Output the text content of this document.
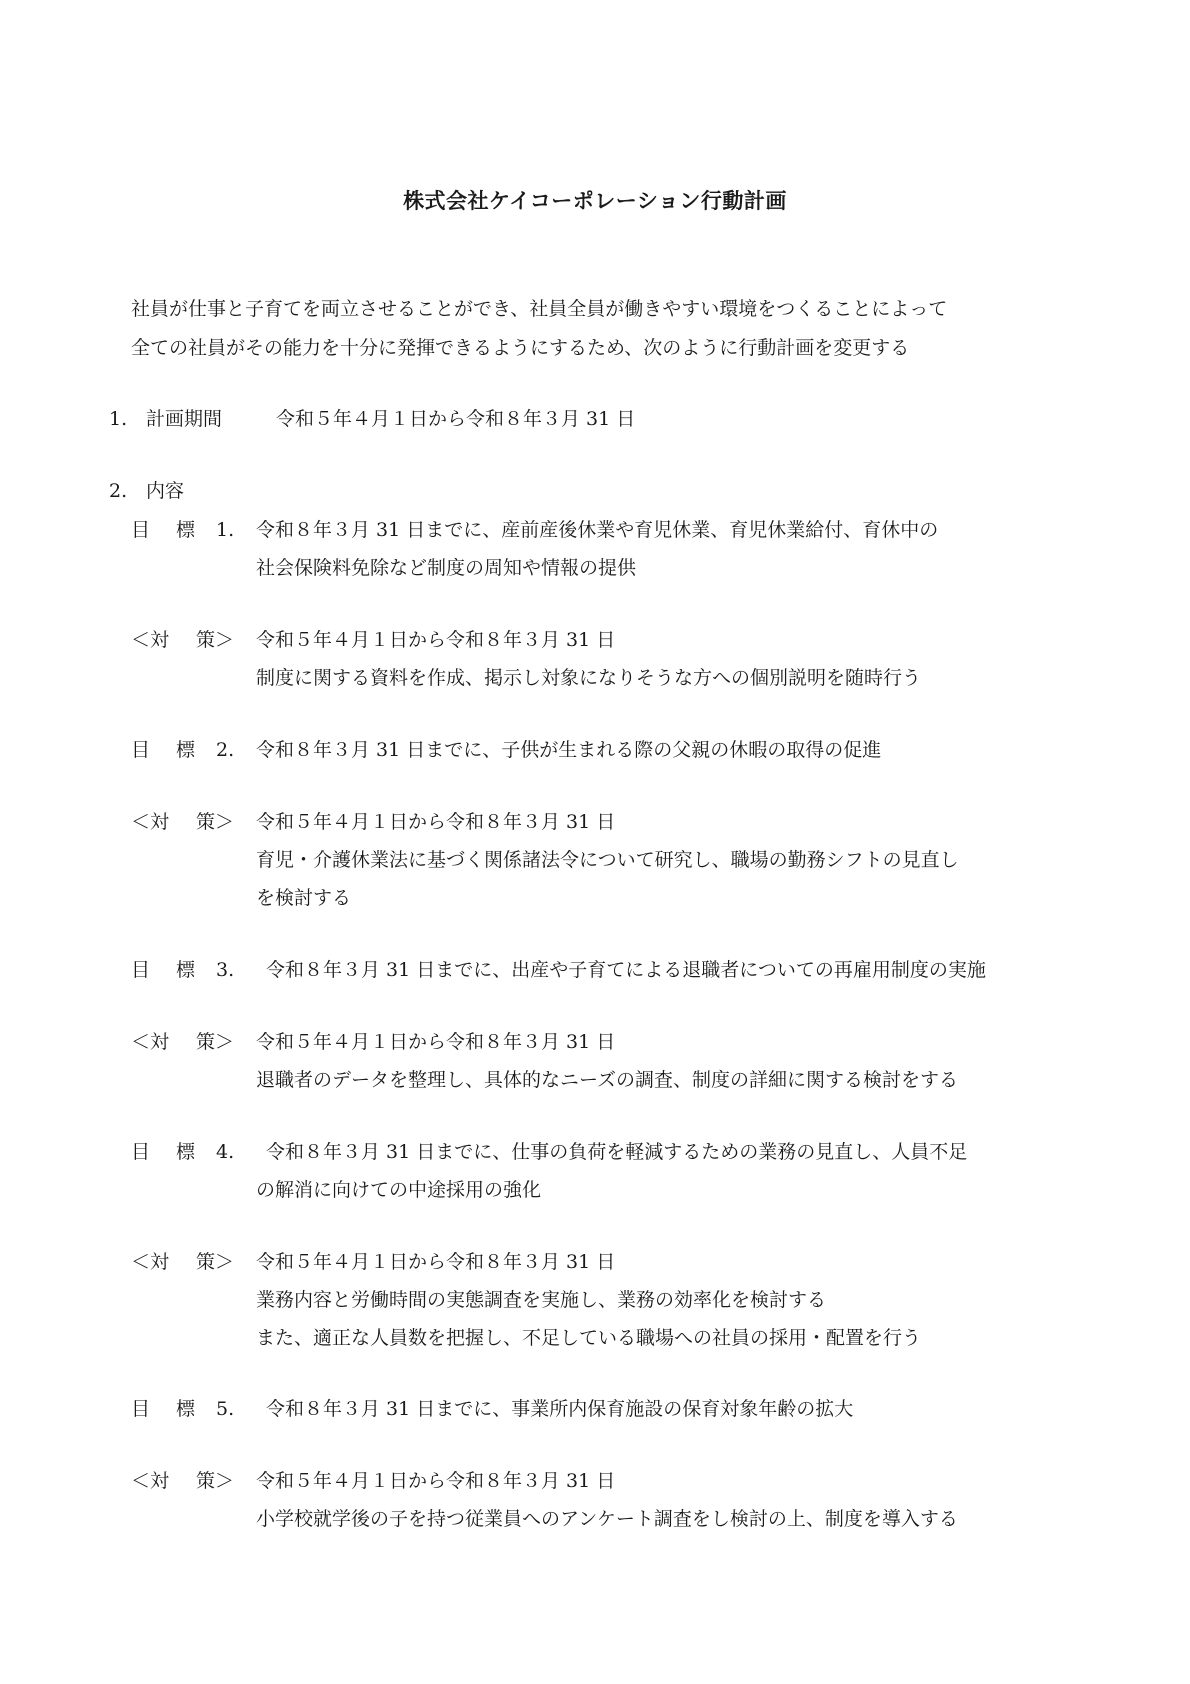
株式会社ケイコーポレーション行動計画
社員が仕事と子育てを両立させることができ、社員全員が働きやすい環境をつくることによって
全ての社員がその能力を十分に発揮できるようにするため、次のように行動計画を変更する
1. 計画期間	令和５年４月１日から令和８年３月 31 日
2. 内容
目 標 1. 令和８年３月 31 日までに、産前産後休業や育児休業、育児休業給付、育休中の
社会保険料免除など制度の周知や情報の提供
＜対 策＞ 令和５年４月１日から令和８年３月 31 日
制度に関する資料を作成、掲示し対象になりそうな方への個別説明を随時行う
目 標 2. 令和８年３月 31 日までに、子供が生まれる際の父親の休暇の取得の促進
＜対 策＞ 令和５年４月１日から令和８年３月 31 日
育児・介護休業法に基づく関係諸法令について研究し、職場の勤務シフトの見直し
を検討する
目 標 3. 令和８年３月 31 日までに、出産や子育てによる退職者についての再雇用制度の実施
＜対 策＞ 令和５年４月１日から令和８年３月 31 日
退職者のデータを整理し、具体的なニーズの調査、制度の詳細に関する検討をする
目 標 4. 令和８年３月 31 日までに、仕事の負荷を軽減するための業務の見直し、人員不足
の解消に向けての中途採用の強化
＜対 策＞ 令和５年４月１日から令和８年３月 31 日
業務内容と労働時間の実態調査を実施し、業務の効率化を検討する
また、適正な人員数を把握し、不足している職場への社員の採用・配置を行う
目 標 5. 令和８年３月 31 日までに、事業所内保育施設の保育対象年齢の拡大
＜対 策＞ 令和５年４月１日から令和８年３月 31 日
小学校就学後の子を持つ従業員へのアンケート調査をし検討の上、制度を導入する
